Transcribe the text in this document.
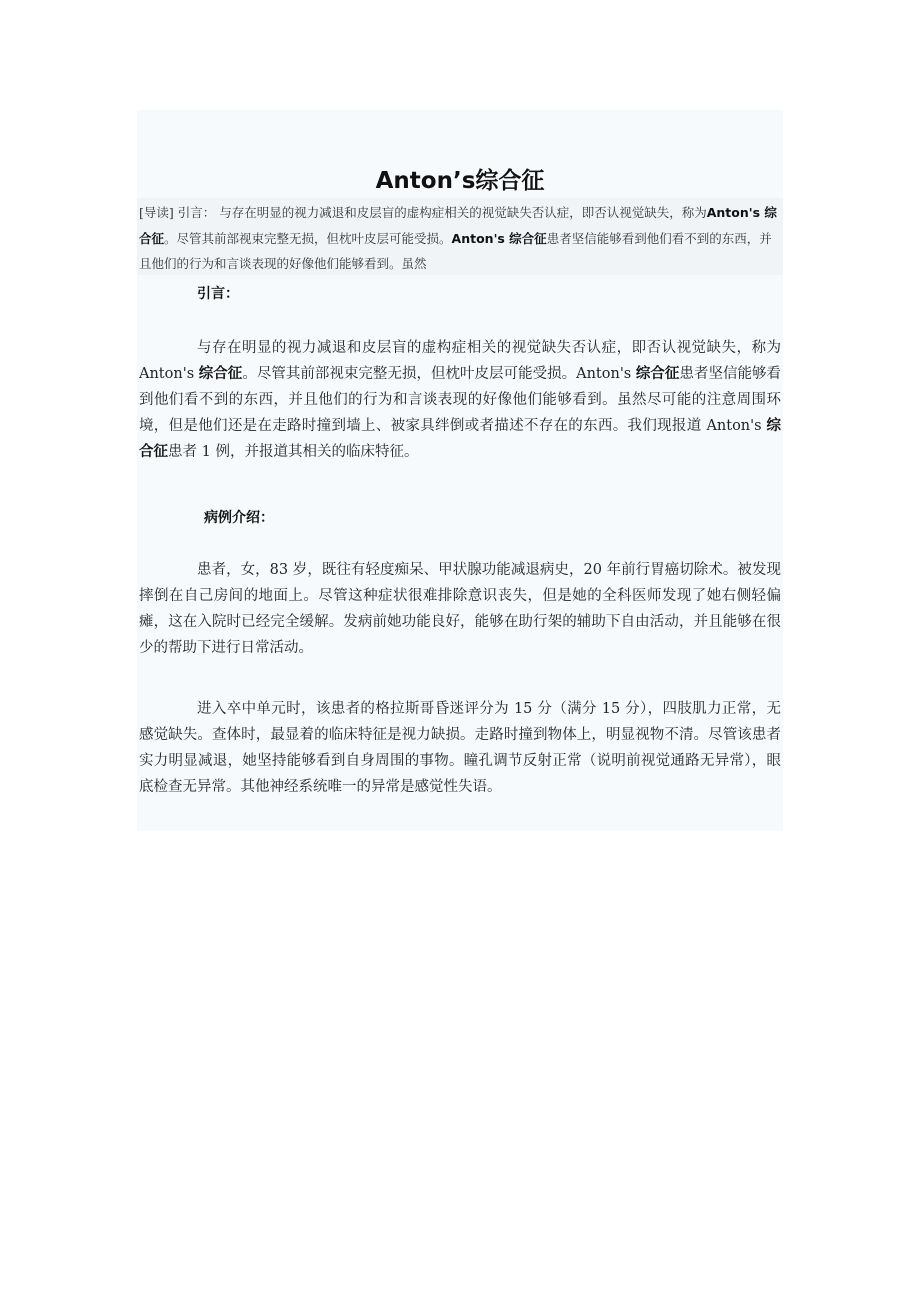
Anton’s综合征
[导读] 引言： 与存在明显的视力减退和皮层盲的虚构症相关的视觉缺失否认症，即否认视觉缺失，称为Anton's 综合征。尽管其前部视束完整无损，但枕叶皮层可能受损。Anton's 综合征患者坚信能够看到他们看不到的东西，并且他们的行为和言谈表现的好像他们能够看到。虽然
引言：
与存在明显的视力减退和皮层盲的虚构症相关的视觉缺失否认症，即否认视觉缺失，称为 Anton's 综合征。尽管其前部视束完整无损，但枕叶皮层可能受损。Anton's 综合征患者坚信能够看到他们看不到的东西，并且他们的行为和言谈表现的好像他们能够看到。虽然尽可能的注意周围环境，但是他们还是在走路时撞到墙上、被家具绊倒或者描述不存在的东西。我们现报道 Anton's 综合征患者 1 例，并报道其相关的临床特征。
病例介绍：
患者，女，83 岁，既往有轻度痴呆、甲状腺功能减退病史，20 年前行胃癌切除术。被发现摔倒在自己房间的地面上。尽管这种症状很难排除意识丧失，但是她的全科医师发现了她右侧轻偏瘫，这在入院时已经完全缓解。发病前她功能良好，能够在助行架的辅助下自由活动，并且能够在很少的帮助下进行日常活动。
进入卒中单元时，该患者的格拉斯哥昏迷评分为 15 分（满分 15 分），四肢肌力正常，无感觉缺失。查体时，最显着的临床特征是视力缺损。走路时撞到物体上，明显视物不清。尽管该患者实力明显减退，她坚持能够看到自身周围的事物。瞳孔调节反射正常（说明前视觉通路无异常），眼底检查无异常。其他神经系统唯一的异常是感觉性失语。
